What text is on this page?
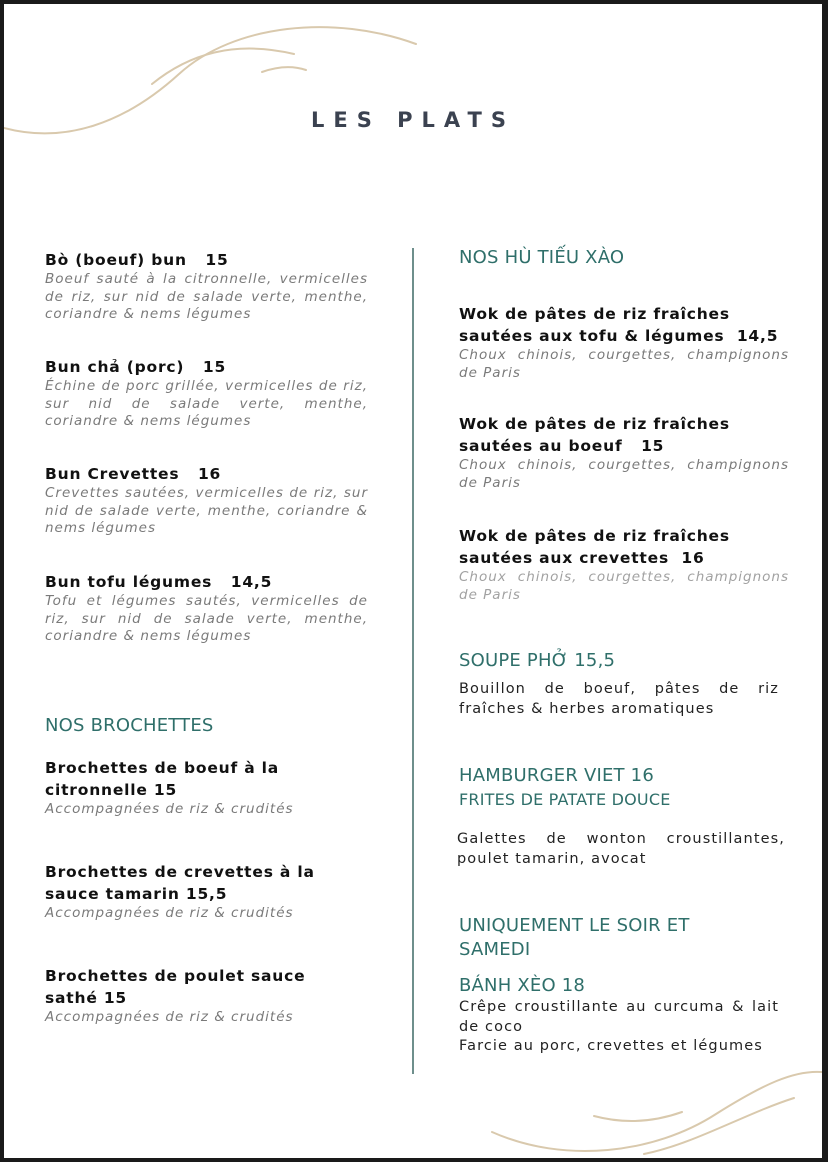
LES PLATS
Bò (boeuf) bun   15
Boeuf sauté à la citronnelle, vermicelles de riz, sur nid de salade verte, menthe, coriandre & nems légumes
Bun chả (porc)   15
Échine de porc grillée, vermicelles de riz, sur nid de salade verte, menthe, coriandre & nems légumes
Bun Crevettes   16
Crevettes sautées, vermicelles de riz, sur nid de salade verte, menthe, coriandre & nems légumes
Bun tofu légumes   14,5
Tofu et légumes sautés, vermicelles de riz, sur nid de salade verte, menthe, coriandre & nems légumes
NOS BROCHETTES
Brochettes de boeuf à la
citronnelle 15
Accompagnées de riz & crudités
Brochettes de crevettes à la
sauce tamarin 15,5
Accompagnées de riz & crudités
Brochettes de poulet sauce
sathé 15
Accompagnées de riz & crudités
NOS HÙ TIẾU XÀO
Wok de pâtes de riz fraîches
sautées aux tofu & légumes  14,5
Choux chinois, courgettes, champignons de Paris
Wok de pâtes de riz fraîches
sautées au boeuf   15
Choux chinois, courgettes, champignons de Paris
Wok de pâtes de riz fraîches
sautées aux crevettes  16
Choux chinois, courgettes, champignons de Paris
SOUPE PHỞ 15,5
Bouillon de boeuf, pâtes de riz fraîches & herbes aromatiques
HAMBURGER VIET 16
FRITES DE PATATE DOUCE
Galettes de wonton croustillantes, poulet tamarin, avocat
UNIQUEMENT LE SOIR ET SAMEDI
BÁNH XÈO 18
Crêpe croustillante au curcuma & lait de coco
Farcie au porc, crevettes et légumes
